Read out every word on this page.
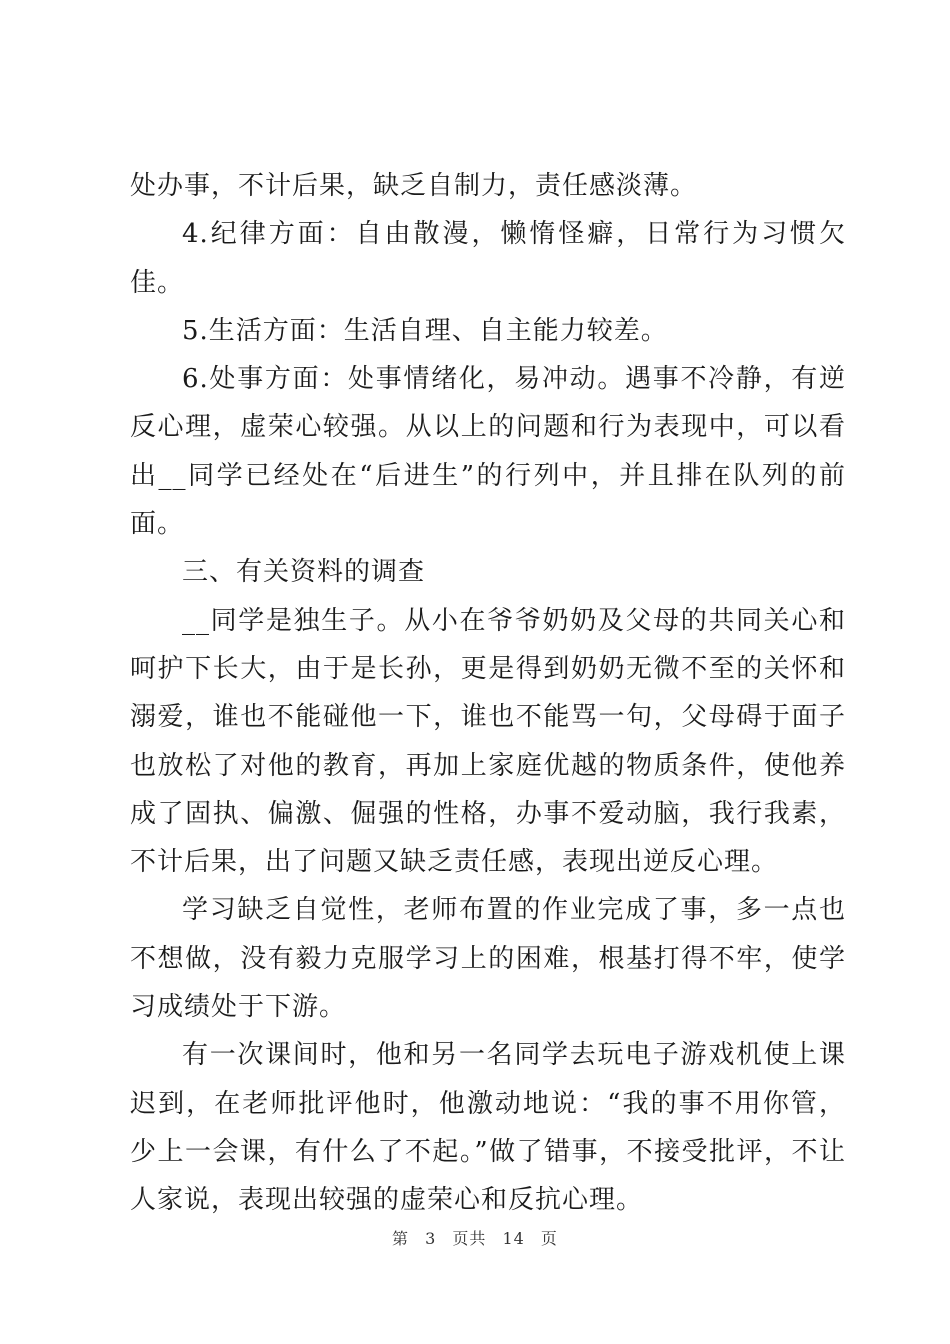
处办事，不计后果，缺乏自制力，责任感淡薄。

4.纪律方面：自由散漫，懒惰怪癖，日常行为习惯欠佳。

5.生活方面：生活自理、自主能力较差。

6.处事方面：处事情绪化，易冲动。遇事不冷静，有逆反心理，虚荣心较强。从以上的问题和行为表现中，可以看出__同学已经处在“后进生”的行列中，并且排在队列的前面。

三、有关资料的调查

__同学是独生子。从小在爷爷奶奶及父母的共同关心和呵护下长大，由于是长孙，更是得到奶奶无微不至的关怀和溺爱，谁也不能碰他一下，谁也不能骂一句，父母碍于面子也放松了对他的教育，再加上家庭优越的物质条件，使他养成了固执、偏激、倔强的性格，办事不爱动脑，我行我素，不计后果，出了问题又缺乏责任感，表现出逆反心理。

学习缺乏自觉性，老师布置的作业完成了事，多一点也不想做，没有毅力克服学习上的困难，根基打得不牢，使学习成绩处于下游。

有一次课间时，他和另一名同学去玩电子游戏机使上课迟到，在老师批评他时，他激动地说：“我的事不用你管，少上一会课，有什么了不起。”做了错事，不接受批评，不让人家说，表现出较强的虚荣心和反抗心理。

第 3 页共 14 页
